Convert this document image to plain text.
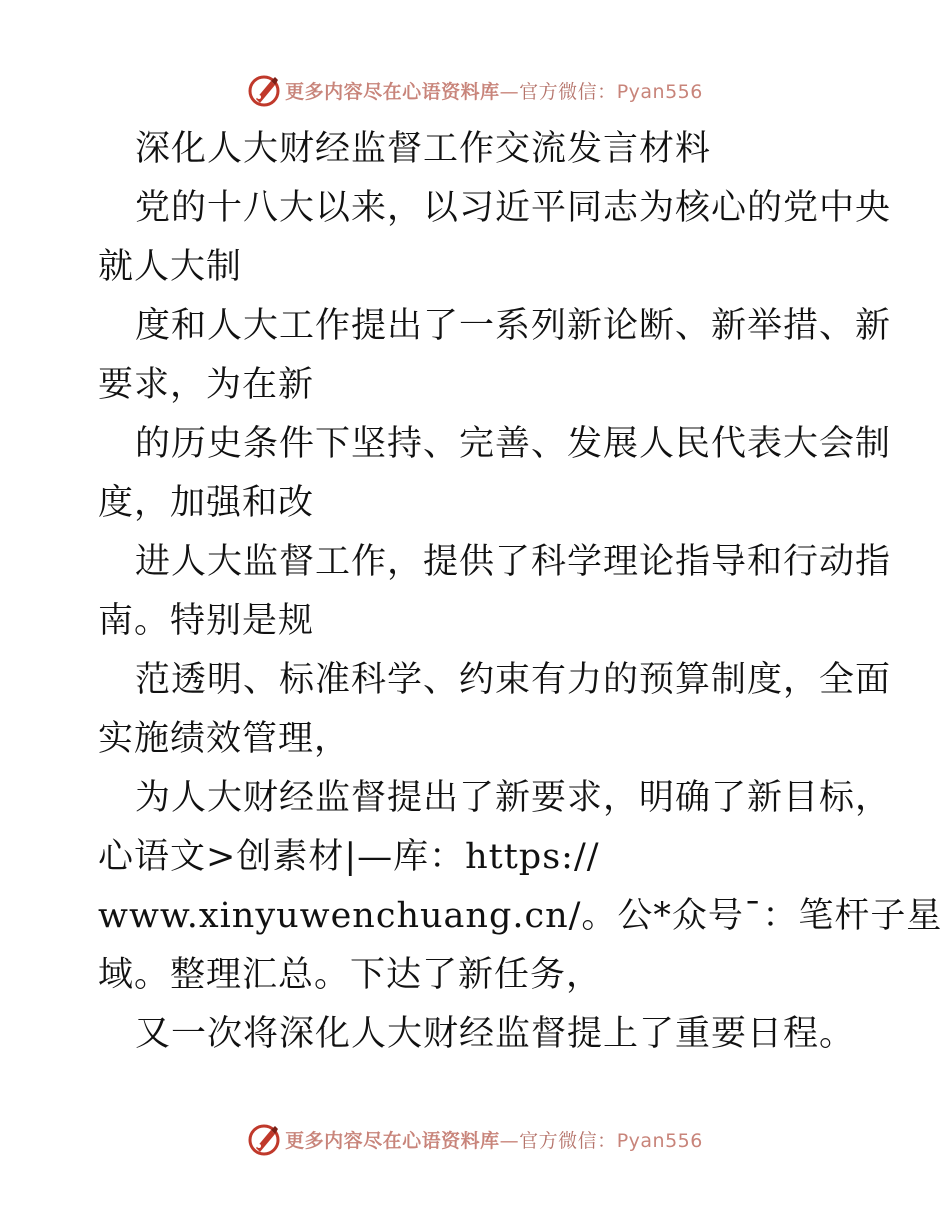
更多内容尽在心语资料库—官方微信：Pyan556
深化人大财经监督工作交流发言材料
党的十八大以来，以习近平同志为核心的党中央
就人大制
度和人大工作提出了一系列新论断、新举措、新
要求，为在新
的历史条件下坚持、完善、发展人民代表大会制
度，加强和改
进人大监督工作，提供了科学理论指导和行动指
南。特别是规
范透明、标准科学、约束有力的预算制度，全面
实施绩效管理，
为人大财经监督提出了新要求，明确了新目标，
心语文>创素材|—库：https://
www.xinyuwenchuang.cn/。公*众号¯：笔杆子星
域。整理汇总。下达了新任务，
又一次将深化人大财经监督提上了重要日程。
更多内容尽在心语资料库—官方微信：Pyan556
